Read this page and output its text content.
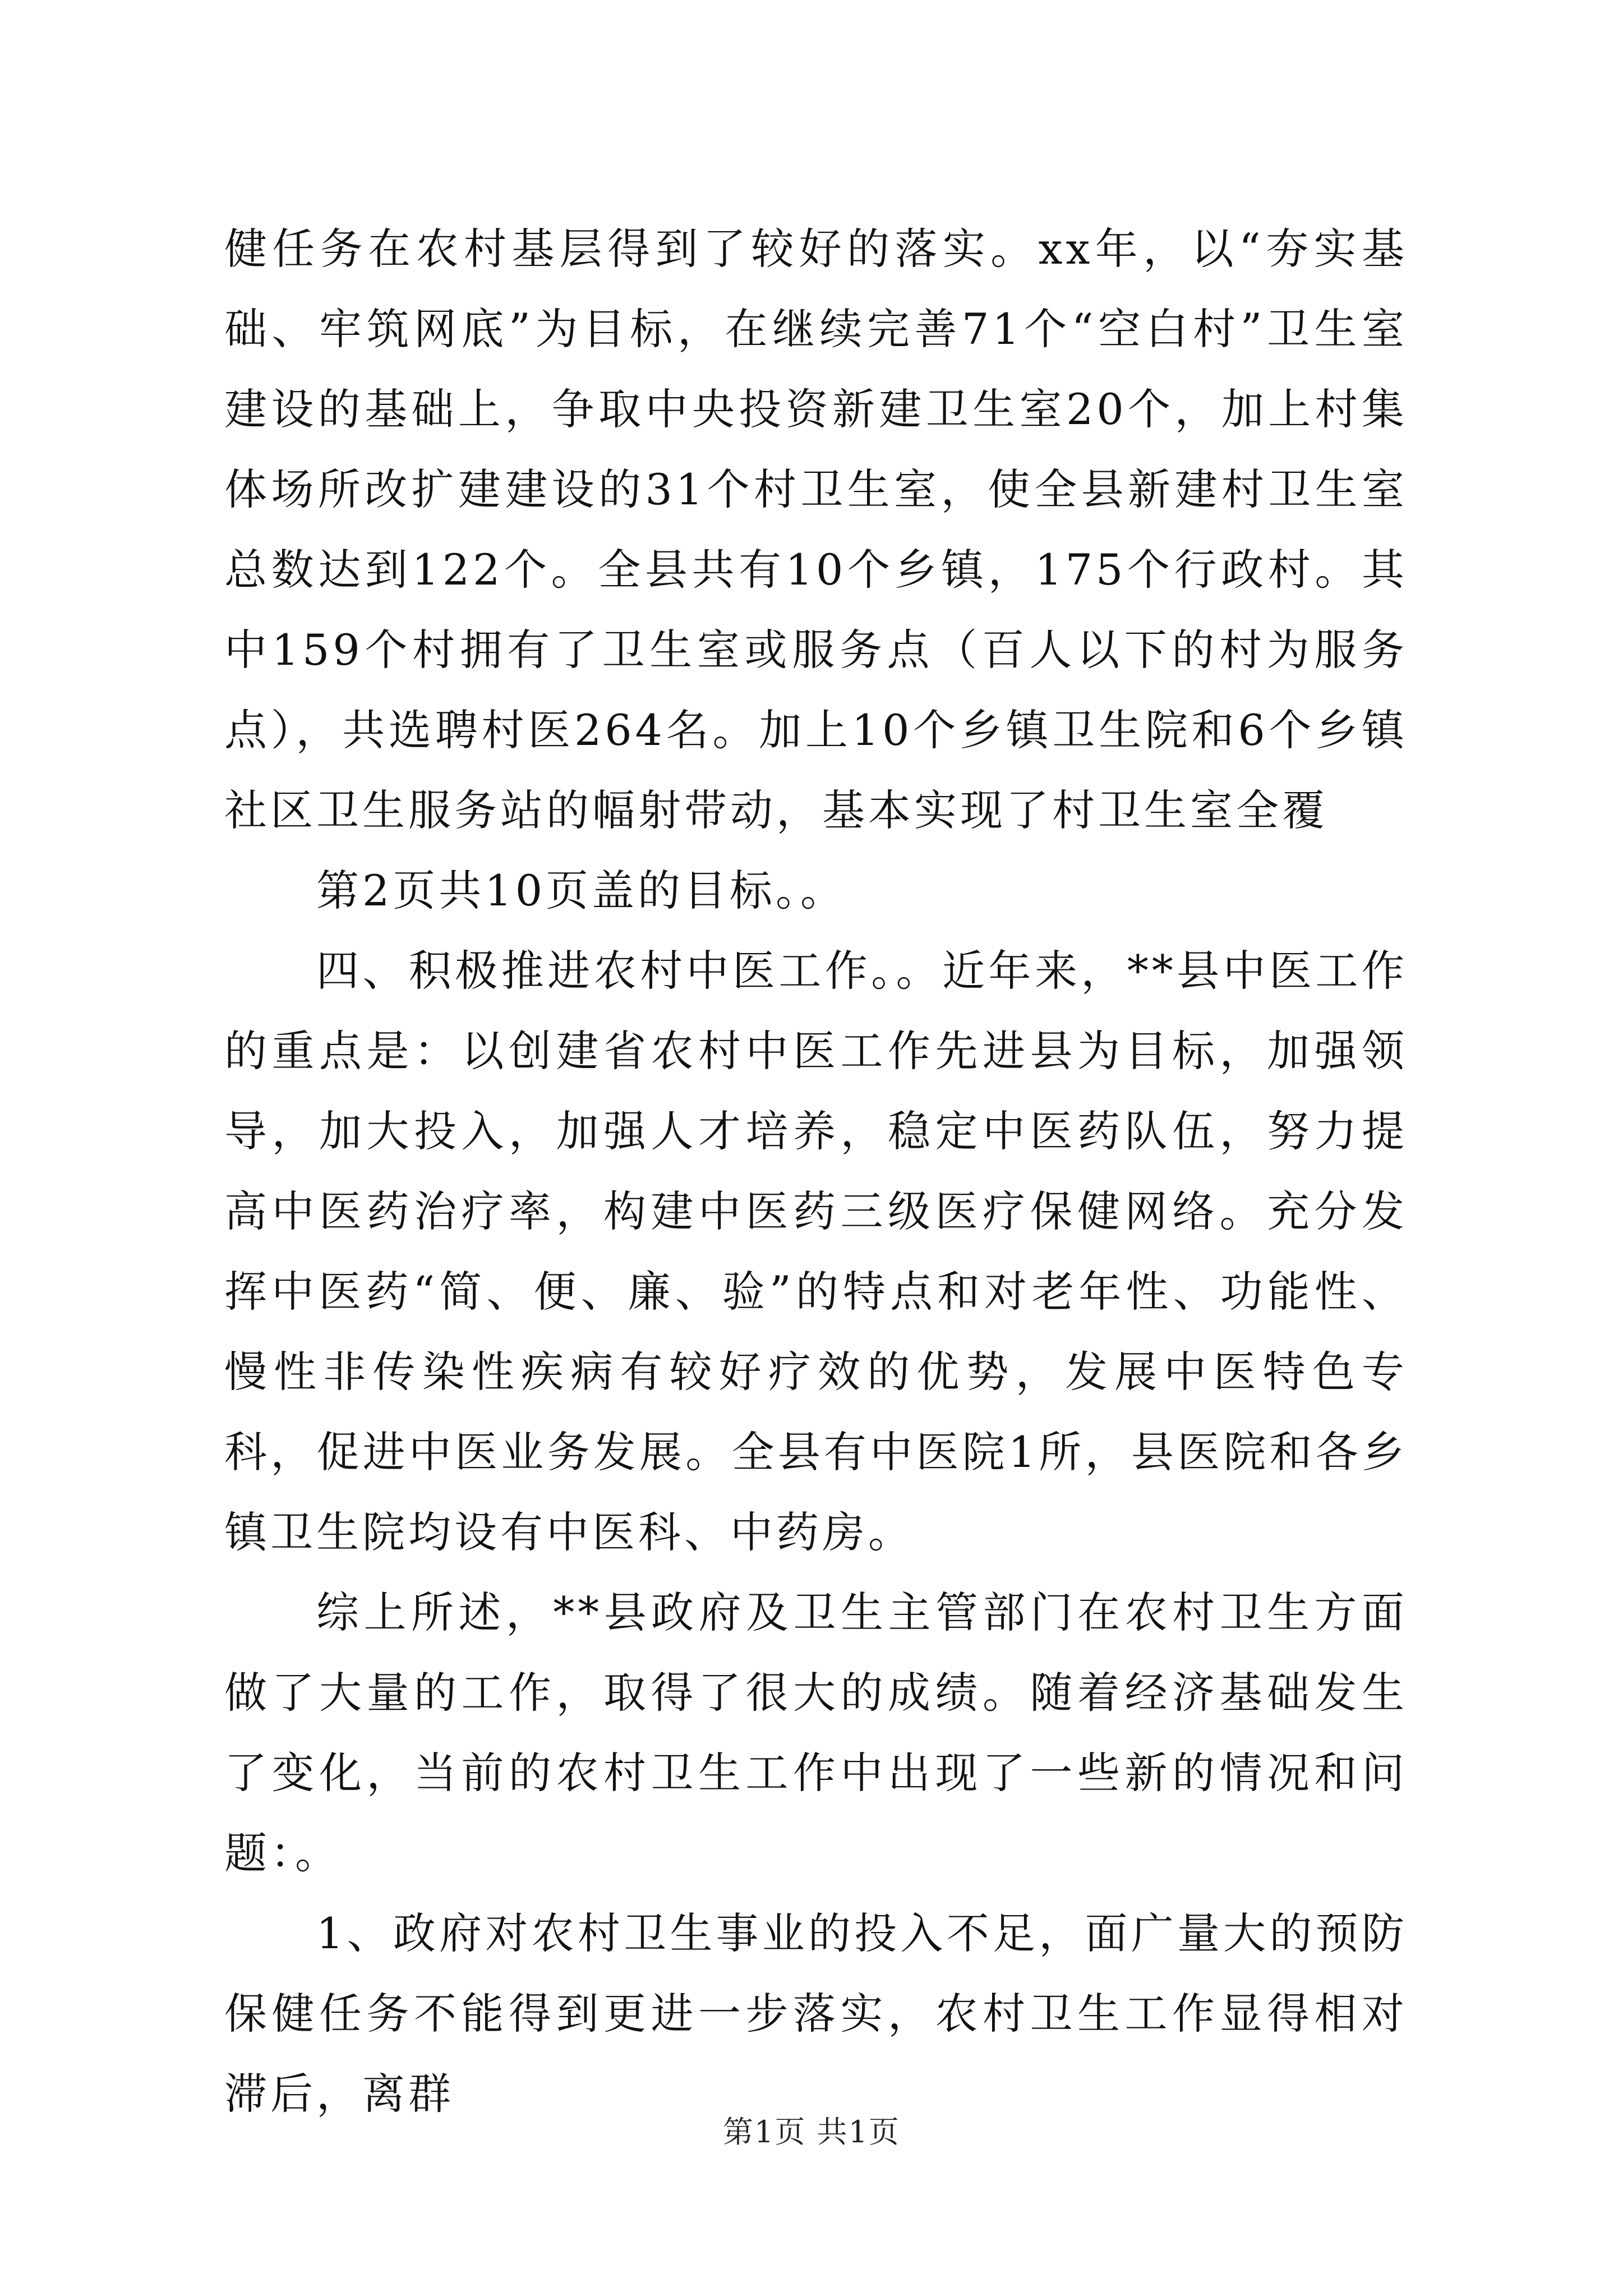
健任务在农村基层得到了较好的落实。xx年，以“夯实基础、牢筑网底”为目标，在继续完善71个“空白村”卫生室建设的基础上，争取中央投资新建卫生室20个，加上村集体场所改扩建建设的31个村卫生室，使全县新建村卫生室总数达到122个。全县共有10个乡镇，175个行政村。其中159个村拥有了卫生室或服务点（百人以下的村为服务点），共选聘村医264名。加上10个乡镇卫生院和6个乡镇社区卫生服务站的幅射带动，基本实现了村卫生室全覆

第2页共10页盖的目标。。

四、积极推进农村中医工作。。近年来，**县中医工作的重点是：以创建省农村中医工作先进县为目标，加强领导，加大投入，加强人才培养，稳定中医药队伍，努力提高中医药治疗率，构建中医药三级医疗保健网络。充分发挥中医药“简、便、廉、验”的特点和对老年性、功能性、慢性非传染性疾病有较好疗效的优势，发展中医特色专科，促进中医业务发展。全县有中医院1所，县医院和各乡镇卫生院均设有中医科、中药房。

综上所述，**县政府及卫生主管部门在农村卫生方面做了大量的工作，取得了很大的成绩。随着经济基础发生了变化，当前的农村卫生工作中出现了一些新的情况和问题：。

1、政府对农村卫生事业的投入不足，面广量大的预防保健任务不能得到更进一步落实，农村卫生工作显得相对滞后，离群

第1页 共1页
